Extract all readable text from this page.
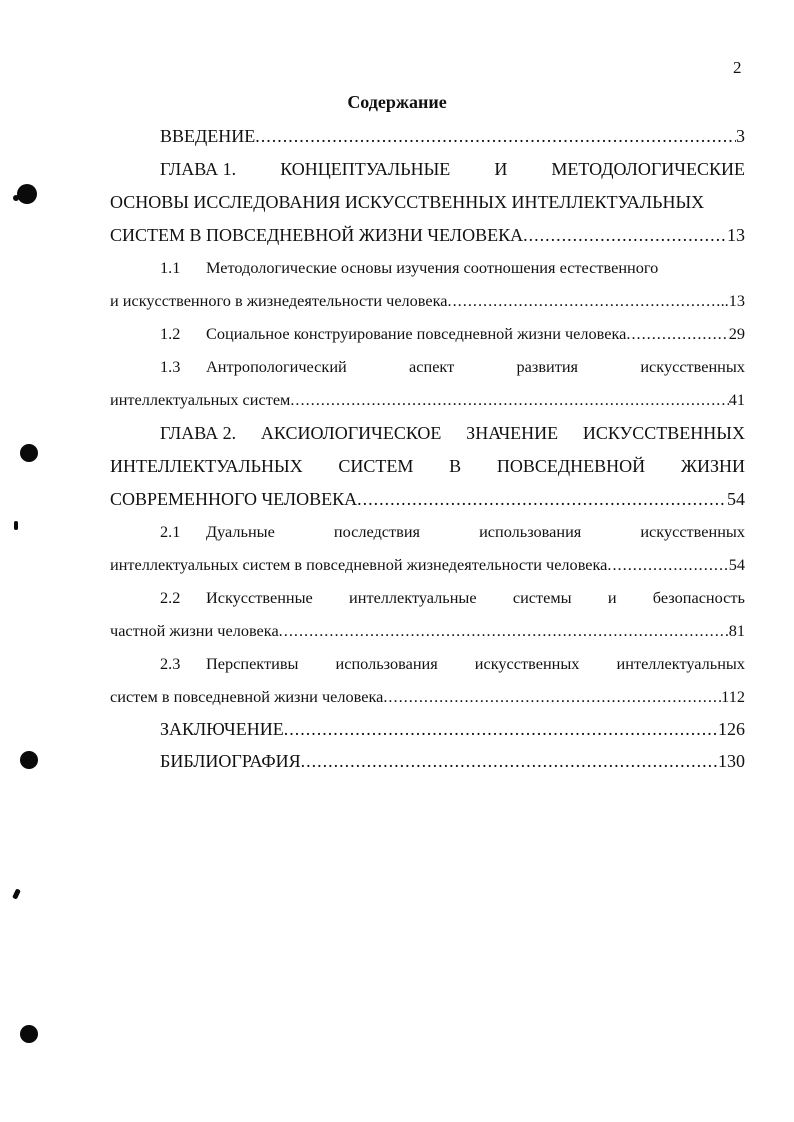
2
Содержание
ВВЕДЕНИЕ .....	3
ГЛАВА 1. КОНЦЕПТУАЛЬНЫЕ И МЕТОДОЛОГИЧЕСКИЕ
ОСНОВЫ ИССЛЕДОВАНИЯ ИСКУССТВЕННЫХ ИНТЕЛЛЕКТУАЛЬНЫХ
СИСТЕМ В ПОВСЕДНЕВНОЙ ЖИЗНИ ЧЕЛОВЕКА .....	13
1.1 Методологические основы изучения соотношения естественного
и искусственного в жизнедеятельности человека .....	.. 13
1.2 Социальное конструирование повседневной жизни человека .....	29
1.3 Антропологический	аспект	развития	искусственных
интеллектуальных систем .....	41
ГЛАВА 2. АКСИОЛОГИЧЕСКОЕ ЗНАЧЕНИЕ ИСКУССТВЕННЫХ
ИНТЕЛЛЕКТУАЛЬНЫХ СИСТЕМ В ПОВСЕДНЕВНОЙ ЖИЗНИ
СОВРЕМЕННОГО ЧЕЛОВЕКА .....	54
2.1 Дуальные	последствия	использования	искусственных
интеллектуальных систем в повседневной жизнедеятельности человека .....	54
2.2 Искусственные интеллектуальные системы и безопасность
частной жизни человека .....	81
2.3 Перспективы использования искусственных интеллектуальных
систем в повседневной жизни человека .....	112
ЗАКЛЮЧЕНИЕ .....	126
БИБЛИОГРАФИЯ .....	130
